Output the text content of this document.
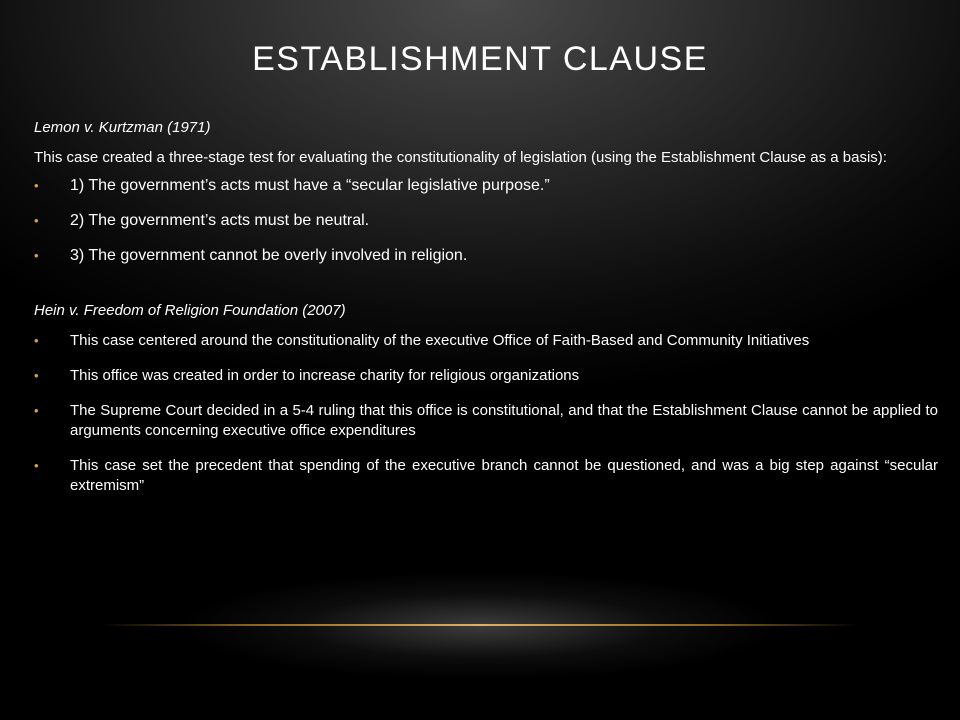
ESTABLISHMENT CLAUSE

Lemon v. Kurtzman (1971)

This case created a three-stage test for evaluating the constitutionality of legislation (using the Establishment Clause as a basis):

• 1) The government’s acts must have a “secular legislative purpose.”
• 2) The government’s acts must be neutral.
• 3) The government cannot be overly involved in religion.

Hein v. Freedom of Religion Foundation (2007)

• This case centered around the constitutionality of the executive Office of Faith-Based and Community Initiatives
• This office was created in order to increase charity for religious organizations
• The Supreme Court decided in a 5-4 ruling that this office is constitutional, and that the Establishment Clause cannot be applied to arguments concerning executive office expenditures
• This case set the precedent that spending of the executive branch cannot be questioned, and was a big step against “secular extremism”
